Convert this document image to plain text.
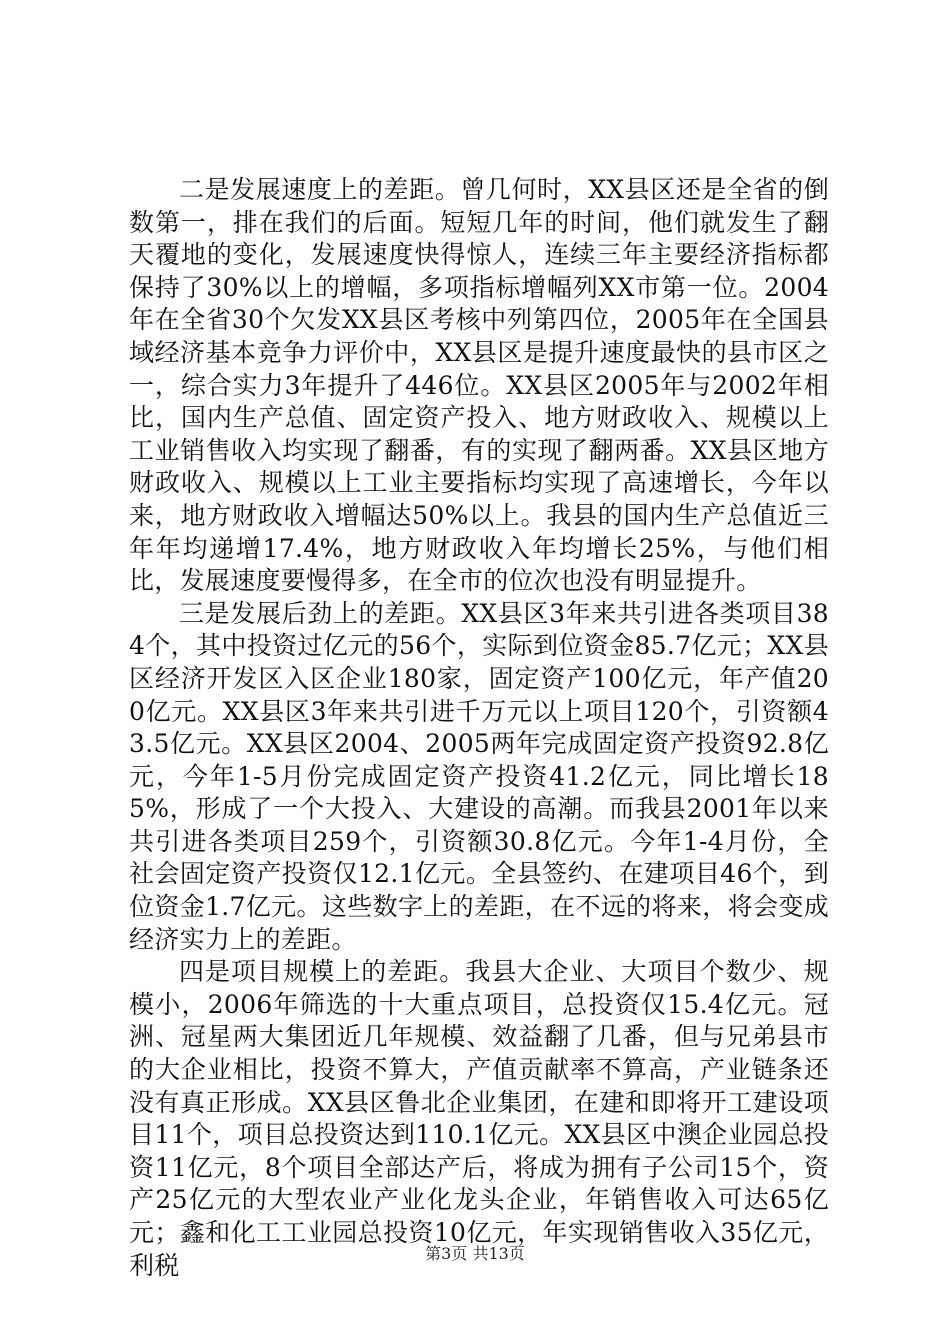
二是发展速度上的差距。曾几何时，XX县区还是全省的倒数第一，排在我们的后面。短短几年的时间，他们就发生了翻天覆地的变化，发展速度快得惊人，连续三年主要经济指标都保持了30%以上的增幅，多项指标增幅列XX市第一位。2004年在全省30个欠发XX县区考核中列第四位，2005年在全国县域经济基本竞争力评价中，XX县区是提升速度最快的县市区之一，综合实力3年提升了446位。XX县区2005年与2002年相比，国内生产总值、固定资产投入、地方财政收入、规模以上工业销售收入均实现了翻番，有的实现了翻两番。XX县区地方财政收入、规模以上工业主要指标均实现了高速增长，今年以来，地方财政收入增幅达50%以上。我县的国内生产总值近三年年均递增17.4%，地方财政收入年均增长25%，与他们相比，发展速度要慢得多，在全市的位次也没有明显提升。

三是发展后劲上的差距。XX县区3年来共引进各类项目384个，其中投资过亿元的56个，实际到位资金85.7亿元；XX县区经济开发区入区企业180家，固定资产100亿元，年产值200亿元。XX县区3年来共引进千万元以上项目120个，引资额43.5亿元。XX县区2004、2005两年完成固定资产投资92.8亿元，今年1-5月份完成固定资产投资41.2亿元，同比增长185%，形成了一个大投入、大建设的高潮。而我县2001年以来共引进各类项目259个，引资额30.8亿元。今年1-4月份，全社会固定资产投资仅12.1亿元。全县签约、在建项目46个，到位资金1.7亿元。这些数字上的差距，在不远的将来，将会变成经济实力上的差距。

四是项目规模上的差距。我县大企业、大项目个数少、规模小，2006年筛选的十大重点项目，总投资仅15.4亿元。冠洲、冠星两大集团近几年规模、效益翻了几番，但与兄弟县市的大企业相比，投资不算大，产值贡献率不算高，产业链条还没有真正形成。XX县区鲁北企业集团，在建和即将开工建设项目11个，项目总投资达到110.1亿元。XX县区中澳企业园总投资11亿元，8个项目全部达产后，将成为拥有子公司15个，资产25亿元的大型农业产业化龙头企业，年销售收入可达65亿元；鑫和化工工业园总投资10亿元，年实现销售收入35亿元，利税	第3页 共13页
